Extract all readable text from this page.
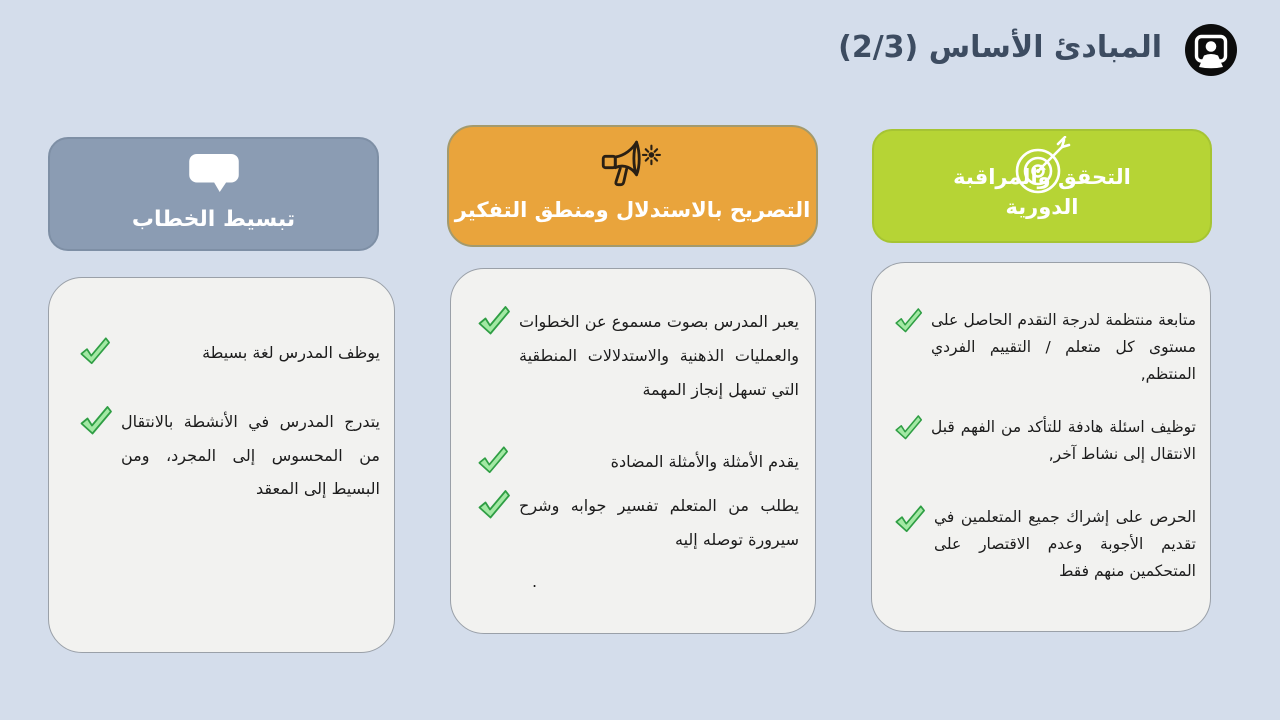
المبادئ الأساس (2/3)
التحقق والمراقبة الدورية

متابعة منتظمة لدرجة التقدم الحاصل على مستوى كل متعلم / التقييم الفردي المنتظم,

توظيف اسئلة هادفة للتأكد من الفهم قبل الانتقال إلى نشاط آخر,

الحرص على إشراك جميع المتعلمين في تقديم الأجوبة وعدم الاقتصار على المتحكمين منهم فقط

التصريح بالاستدلال ومنطق التفكير

يعبر المدرس بصوت مسموع عن الخطوات والعمليات الذهنية والاستدلالات المنطقية التي تسهل إنجاز المهمة

يقدم الأمثلة والأمثلة المضادة

يطلب من المتعلم تفسير جوابه وشرح سيرورة توصله إليه

.

تبسيط الخطاب

يوظف المدرس لغة بسيطة

يتدرج المدرس في الأنشطة بالانتقال من المحسوس إلى المجرد، ومن البسيط إلى المعقد
